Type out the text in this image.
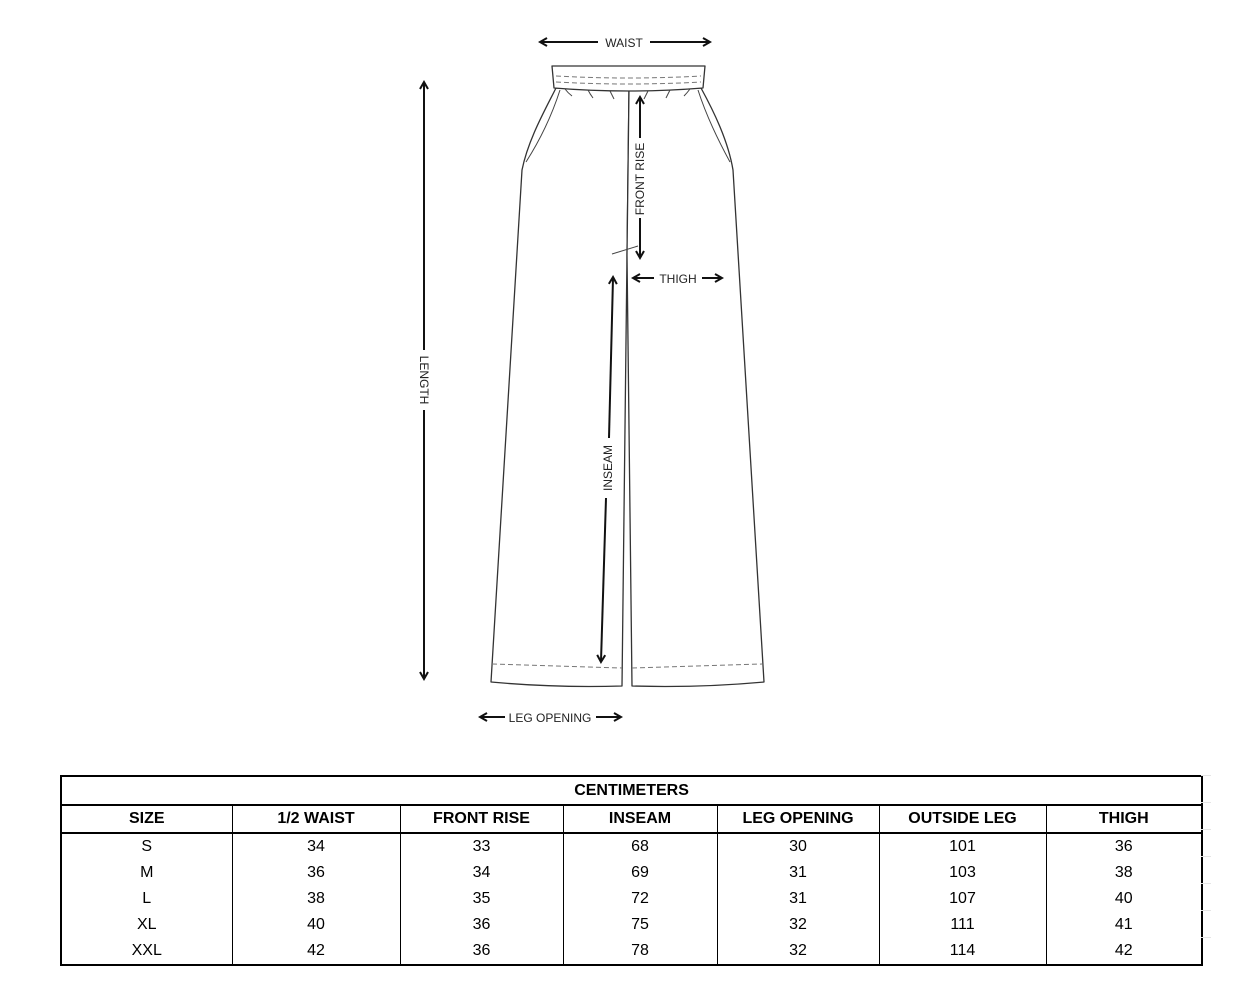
WAIST
FRONT RISE
THIGH
LENGTH
INSEAM
LEG OPENING
CENTIMETERS						
SIZE	1/2 WAIST	FRONT RISE	INSEAM	LEG OPENING	OUTSIDE LEG	THIGH
S	34	33	68	30	101	36
M	36	34	69	31	103	38
L	38	35	72	31	107	40
XL	40	36	75	32	111	41
XXL	42	36	78	32	114	42
